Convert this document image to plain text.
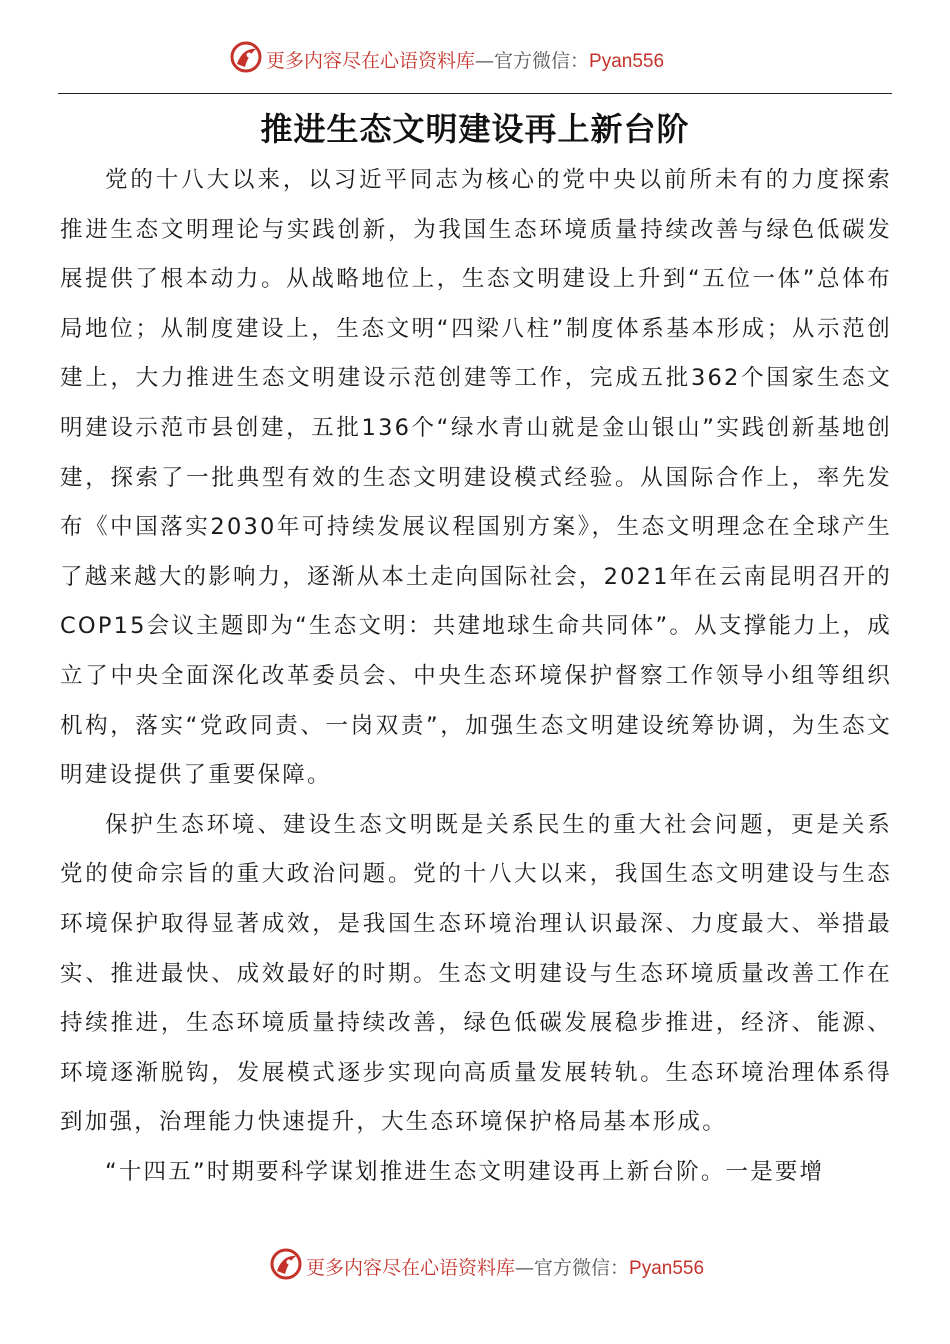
更多内容尽在心语资料库—官方微信：Pyan556
推进生态文明建设再上新台阶

党的十八大以来，以习近平同志为核心的党中央以前所未有的力度探索推进生态文明理论与实践创新，为我国生态环境质量持续改善与绿色低碳发展提供了根本动力。从战略地位上，生态文明建设上升到“五位一体”总体布局地位；从制度建设上，生态文明“四梁八柱”制度体系基本形成；从示范创建上，大力推进生态文明建设示范创建等工作，完成五批362个国家生态文明建设示范市县创建，五批136个“绿水青山就是金山银山”实践创新基地创建，探索了一批典型有效的生态文明建设模式经验。从国际合作上，率先发布《中国落实2030年可持续发展议程国别方案》，生态文明理念在全球产生了越来越大的影响力，逐渐从本土走向国际社会，2021年在云南昆明召开的COP15会议主题即为“生态文明：共建地球生命共同体”。从支撑能力上，成立了中央全面深化改革委员会、中央生态环境保护督察工作领导小组等组织机构，落实“党政同责、一岗双责”，加强生态文明建设统筹协调，为生态文明建设提供了重要保障。

保护生态环境、建设生态文明既是关系民生的重大社会问题，更是关系党的使命宗旨的重大政治问题。党的十八大以来，我国生态文明建设与生态环境保护取得显著成效，是我国生态环境治理认识最深、力度最大、举措最实、推进最快、成效最好的时期。生态文明建设与生态环境质量改善工作在持续推进，生态环境质量持续改善，绿色低碳发展稳步推进，经济、能源、环境逐渐脱钩，发展模式逐步实现向高质量发展转轨。生态环境治理体系得到加强，治理能力快速提升，大生态环境保护格局基本形成。

“十四五”时期要科学谋划推进生态文明建设再上新台阶。一是要增

更多内容尽在心语资料库—官方微信：Pyan556
